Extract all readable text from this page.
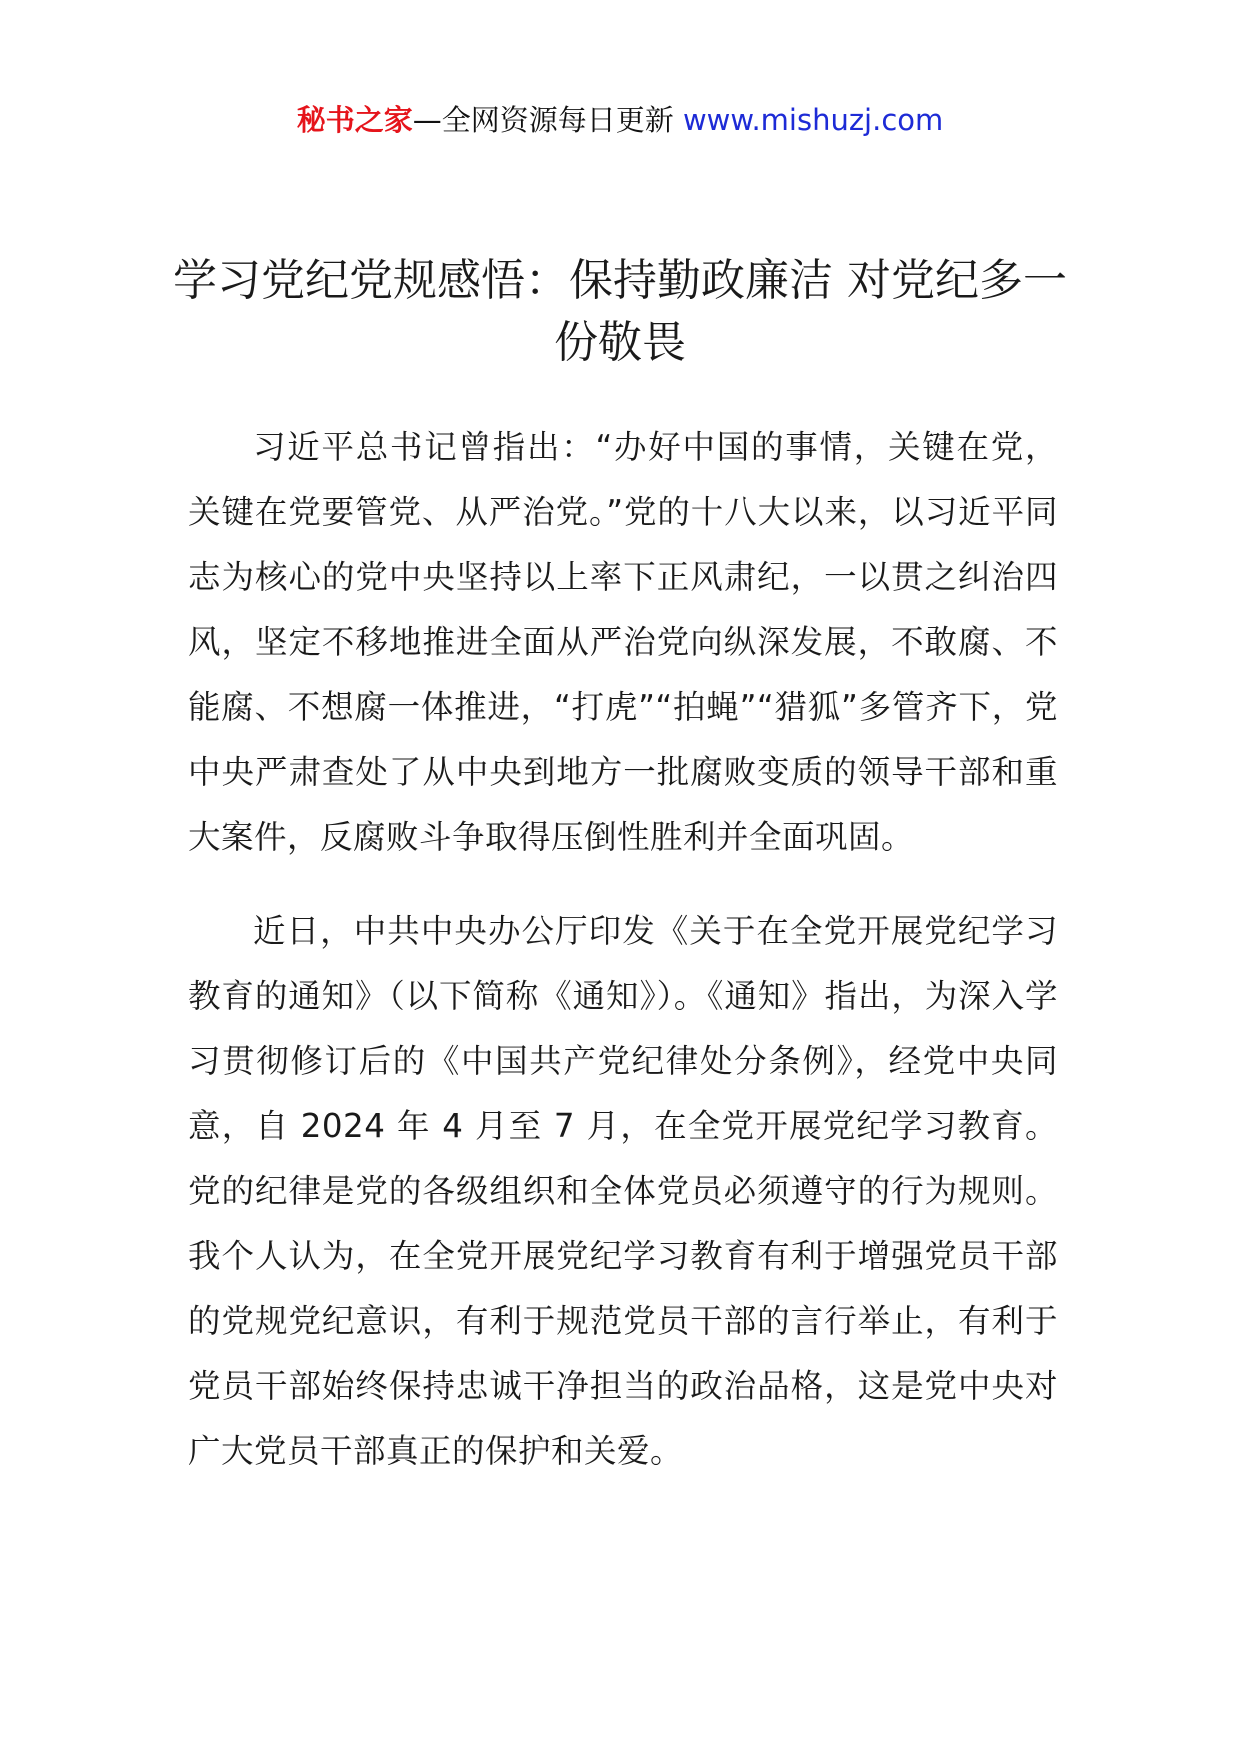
秘书之家—全网资源每日更新 www.mishuzj.com
学习党纪党规感悟：保持勤政廉洁 对党纪多一份敬畏

习近平总书记曾指出：“办好中国的事情，关键在党，关键在党要管党、从严治党。”党的十八大以来，以习近平同志为核心的党中央坚持以上率下正风肃纪，一以贯之纠治四风，坚定不移地推进全面从严治党向纵深发展，不敢腐、不能腐、不想腐一体推进，“打虎”“拍蝇”“猎狐”多管齐下，党中央严肃查处了从中央到地方一批腐败变质的领导干部和重大案件，反腐败斗争取得压倒性胜利并全面巩固。

近日，中共中央办公厅印发《关于在全党开展党纪学习教育的通知》（以下简称《通知》）。《通知》指出，为深入学习贯彻修订后的《中国共产党纪律处分条例》，经党中央同意，自 2024 年 4 月至 7 月，在全党开展党纪学习教育。党的纪律是党的各级组织和全体党员必须遵守的行为规则。我个人认为，在全党开展党纪学习教育有利于增强党员干部的党规党纪意识，有利于规范党员干部的言行举止，有利于党员干部始终保持忠诚干净担当的政治品格，这是党中央对广大党员干部真正的保护和关爱。
